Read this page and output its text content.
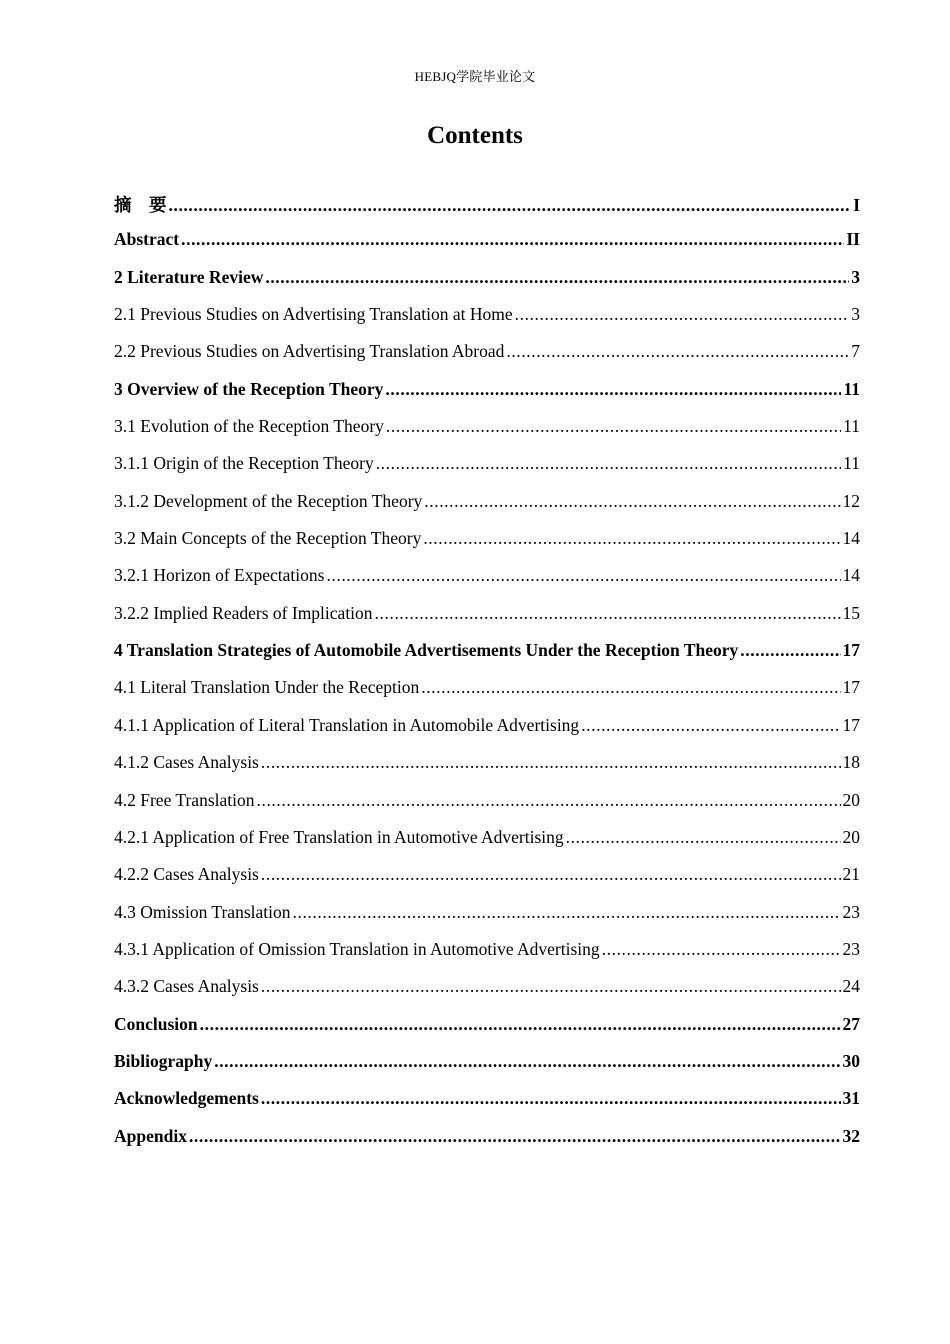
HEBJQ学院毕业论文
Contents
摘　要 .....	I
Abstract .....	II
2 Literature Review .....	3
2.1 Previous Studies on Advertising Translation at Home .....	3
2.2 Previous Studies on Advertising Translation Abroad .....	7
3 Overview of the Reception Theory .....	11
3.1 Evolution of the Reception Theory .....	11
3.1.1 Origin of the Reception Theory .....	11
3.1.2 Development of the Reception Theory .....	12
3.2 Main Concepts of the Reception Theory .....	14
3.2.1 Horizon of Expectations .....	14
3.2.2 Implied Readers of Implication .....	15
4 Translation Strategies of Automobile Advertisements Under the Reception Theory .....	17
4.1 Literal Translation Under the Reception .....	17
4.1.1 Application of Literal Translation in Automobile Advertising .....	17
4.1.2 Cases Analysis .....	18
4.2 Free Translation .....	20
4.2.1 Application of Free Translation in Automotive Advertising .....	20
4.2.2 Cases Analysis .....	21
4.3 Omission Translation .....	23
4.3.1 Application of Omission Translation in Automotive Advertising .....	23
4.3.2 Cases Analysis .....	24
Conclusion .....	27
Bibliography .....	30
Acknowledgements .....	31
Appendix .....	32
